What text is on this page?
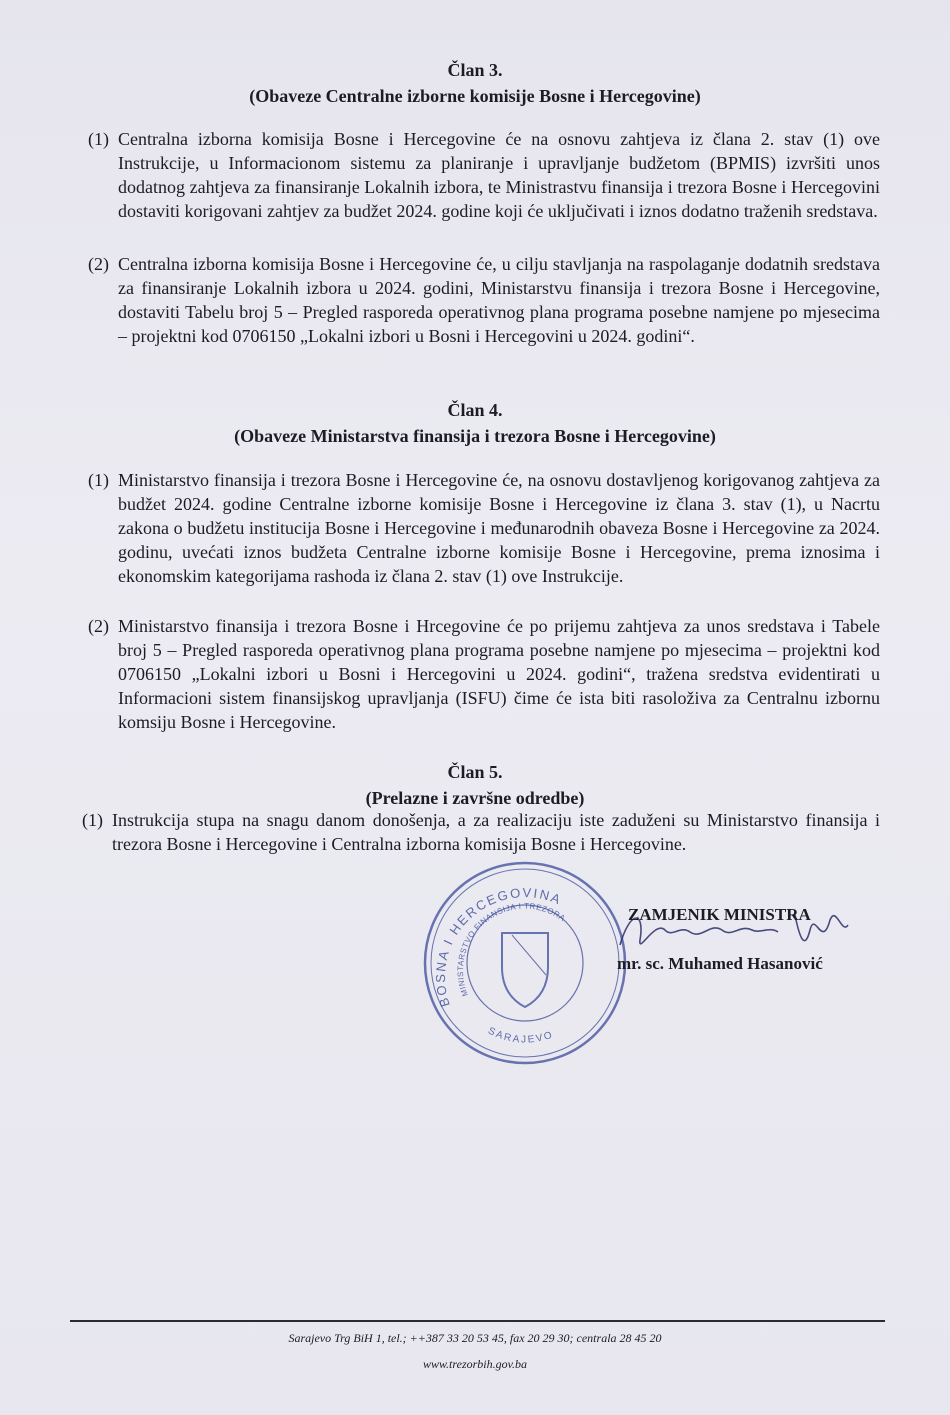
Član 3.
(Obaveze Centralne izborne komisije Bosne i Hercegovine)
(1) Centralna izborna komisija Bosne i Hercegovine će na osnovu zahtjeva iz člana 2. stav (1) ove Instrukcije, u Informacionom sistemu za planiranje i upravljanje budžetom (BPMIS) izvršiti unos dodatnog zahtjeva za finansiranje Lokalnih izbora, te Ministrastvu finansija i trezora Bosne i Hercegovini dostaviti korigovani zahtjev za budžet 2024. godine koji će uključivati i iznos dodatno traženih sredstava.

(2) Centralna izborna komisija Bosne i Hercegovine će, u cilju stavljanja na raspolaganje dodatnih sredstava za finansiranje Lokalnih izbora u 2024. godini, Ministarstvu finansija i trezora Bosne i Hercegovine, dostaviti Tabelu broj 5 – Pregled rasporeda operativnog plana programa posebne namjene po mjesecima – projektni kod 0706150 „Lokalni izbori u Bosni i Hercegovini u 2024. godini“.

Član 4.
(Obaveze Ministarstva finansija i trezora Bosne i Hercegovine)
(1) Ministarstvo finansija i trezora Bosne i Hercegovine će, na osnovu dostavljenog korigovanog zahtjeva za budžet 2024. godine Centralne izborne komisije Bosne i Hercegovine iz člana 3. stav (1), u Nacrtu zakona o budžetu institucija Bosne i Hercegovine i međunarodnih obaveza Bosne i Hercegovine za 2024. godinu, uvećati iznos budžeta Centralne izborne komisije Bosne i Hercegovine, prema iznosima i ekonomskim kategorijama rashoda iz člana 2. stav (1) ove Instrukcije.

(2) Ministarstvo finansija i trezora Bosne i Hrcegovine će po prijemu zahtjeva za unos sredstava i Tabele broj 5 – Pregled rasporeda operativnog plana programa posebne namjene po mjesecima – projektni kod 0706150 „Lokalni izbori u Bosni i Hercegovini u 2024. godini“, tražena sredstva evidentirati u Informacioni sistem finansijskog upravljanja (ISFU) čime će ista biti rasoloživa za Centralnu izbornu komsiju Bosne i Hercegovine.

Član 5.
(Prelazne i završne odredbe)
(1) Instrukcija stupa na snagu danom donošenja, a za realizaciju iste zaduženi su Ministarstvo finansija i trezora Bosne i Hercegovine i Centralna izborna komisija Bosne i Hercegovine.

BOSNA I HERCEGOVINA
MINISTARSTVO FINANSIJA I TREZORA
SARAJEVO
ZAMJENIK MINISTRA
mr. sc. Muhamed Hasanović
Sarajevo Trg BiH 1, tel.; ++387 33 20 53 45, fax 20 29 30; centrala 28 45 20
www.trezorbih.gov.ba
